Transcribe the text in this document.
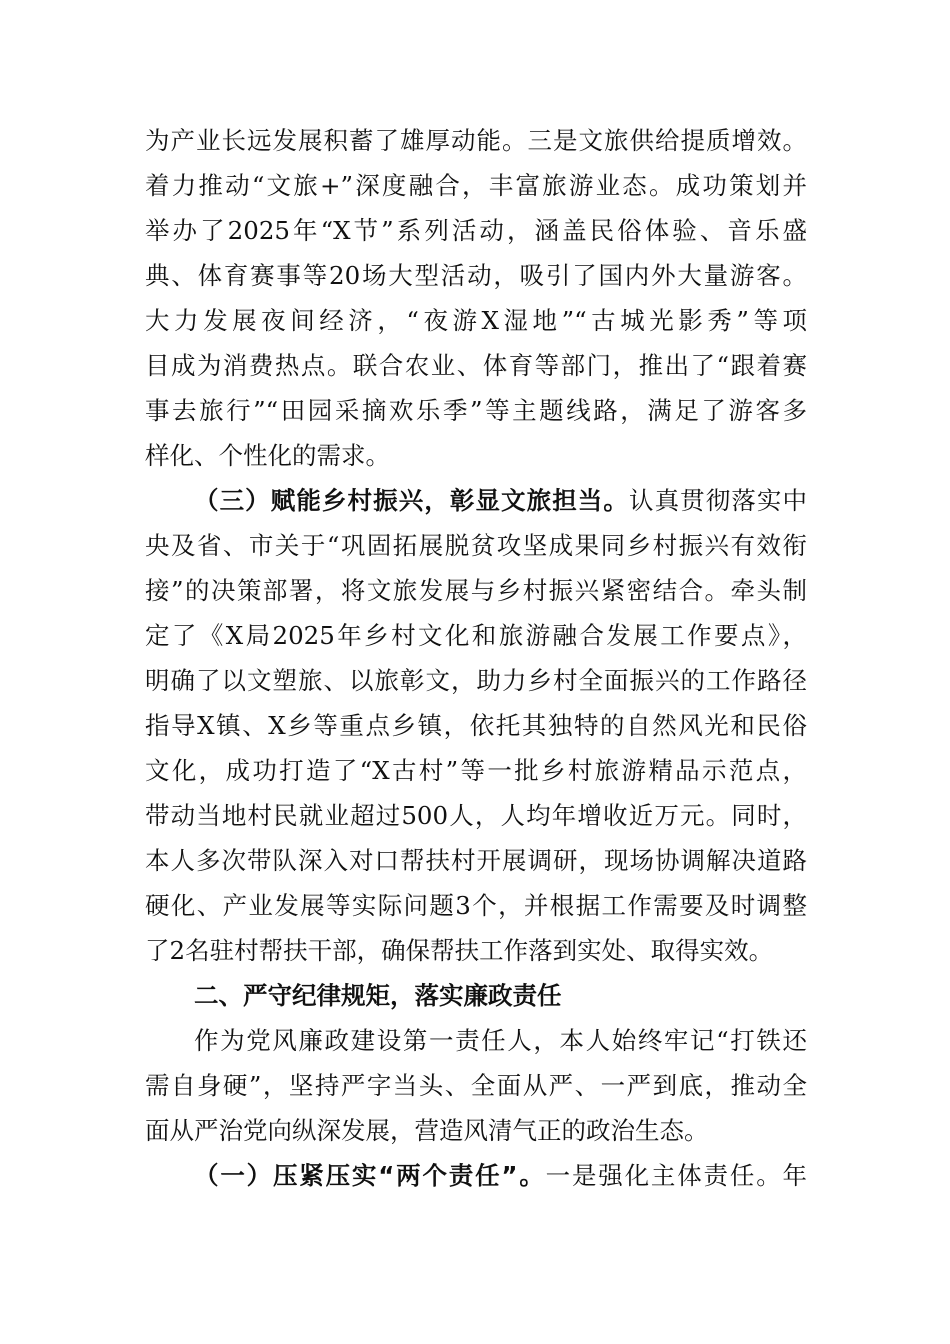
为产业长远发展积蓄了雄厚动能。三是文旅供给提质增效。
着力推动“文旅+”深度融合，丰富旅游业态。成功策划并
举办了2025年“X节”系列活动，涵盖民俗体验、音乐盛
典、体育赛事等20场大型活动，吸引了国内外大量游客。
大力发展夜间经济，“夜游X湿地”“古城光影秀”等项
目成为消费热点。联合农业、体育等部门，推出了“跟着赛
事去旅行”“田园采摘欢乐季”等主题线路，满足了游客多
样化、个性化的需求。
（三）赋能乡村振兴，彰显文旅担当。认真贯彻落实中
央及省、市关于“巩固拓展脱贫攻坚成果同乡村振兴有效衔
接”的决策部署，将文旅发展与乡村振兴紧密结合。牵头制
定了《X局2025年乡村文化和旅游融合发展工作要点》，
明确了以文塑旅、以旅彰文，助力乡村全面振兴的工作路径
指导X镇、X乡等重点乡镇，依托其独特的自然风光和民俗
文化，成功打造了“X古村”等一批乡村旅游精品示范点，
带动当地村民就业超过500人，人均年增收近万元。同时，
本人多次带队深入对口帮扶村开展调研，现场协调解决道路
硬化、产业发展等实际问题3个，并根据工作需要及时调整
了2名驻村帮扶干部，确保帮扶工作落到实处、取得实效。
二、严守纪律规矩，落实廉政责任
作为党风廉政建设第一责任人，本人始终牢记“打铁还
需自身硬”，坚持严字当头、全面从严、一严到底，推动全
面从严治党向纵深发展，营造风清气正的政治生态。
（一）压紧压实“两个责任”。一是强化主体责任。年
